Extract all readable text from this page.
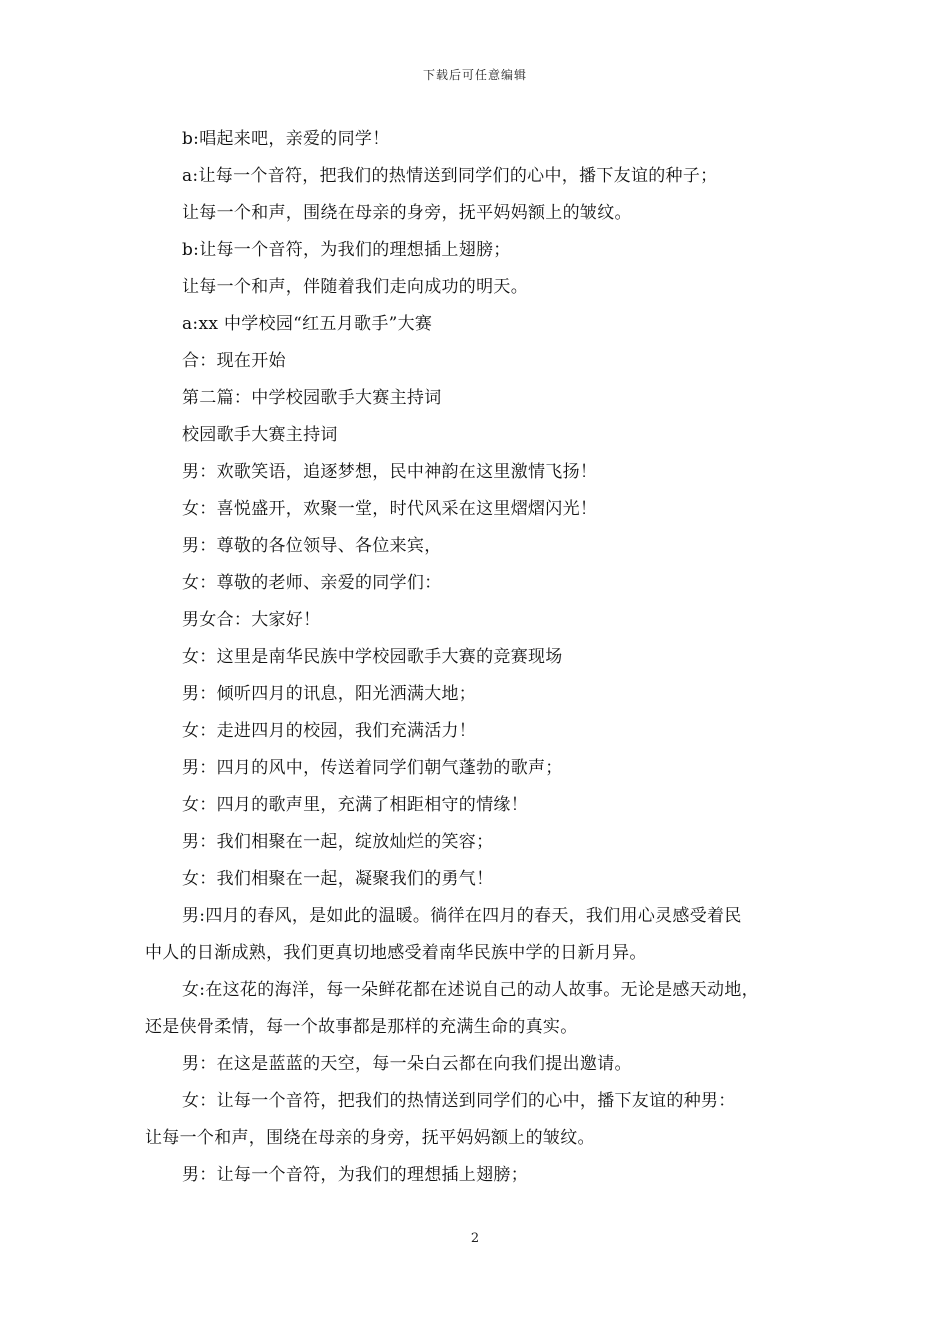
下载后可任意编辑
b:唱起来吧，亲爱的同学！
a:让每一个音符，把我们的热情送到同学们的心中，播下友谊的种子；
让每一个和声，围绕在母亲的身旁，抚平妈妈额上的皱纹。
b:让每一个音符，为我们的理想插上翅膀；
让每一个和声，伴随着我们走向成功的明天。
a:xx 中学校园“红五月歌手”大赛
合：现在开始
第二篇：中学校园歌手大赛主持词
校园歌手大赛主持词
男：欢歌笑语，追逐梦想，民中神韵在这里激情飞扬！
女：喜悦盛开，欢聚一堂，时代风采在这里熠熠闪光！
男：尊敬的各位领导、各位来宾，
女：尊敬的老师、亲爱的同学们：
男女合：大家好！
女：这里是南华民族中学校园歌手大赛的竞赛现场
男：倾听四月的讯息，阳光洒满大地；
女：走进四月的校园，我们充满活力！
男：四月的风中，传送着同学们朝气蓬勃的歌声；
女：四月的歌声里，充满了相距相守的情缘！
男：我们相聚在一起，绽放灿烂的笑容；
女：我们相聚在一起，凝聚我们的勇气！
男:四月的春风，是如此的温暖。徜徉在四月的春天，我们用心灵感受着民
中人的日渐成熟，我们更真切地感受着南华民族中学的日新月异。
女:在这花的海洋，每一朵鲜花都在述说自己的动人故事。无论是感天动地，
还是侠骨柔情，每一个故事都是那样的充满生命的真实。
男：在这是蓝蓝的天空，每一朵白云都在向我们提出邀请。
女：让每一个音符，把我们的热情送到同学们的心中，播下友谊的种男：
让每一个和声，围绕在母亲的身旁，抚平妈妈额上的皱纹。
男：让每一个音符，为我们的理想插上翅膀；
2
